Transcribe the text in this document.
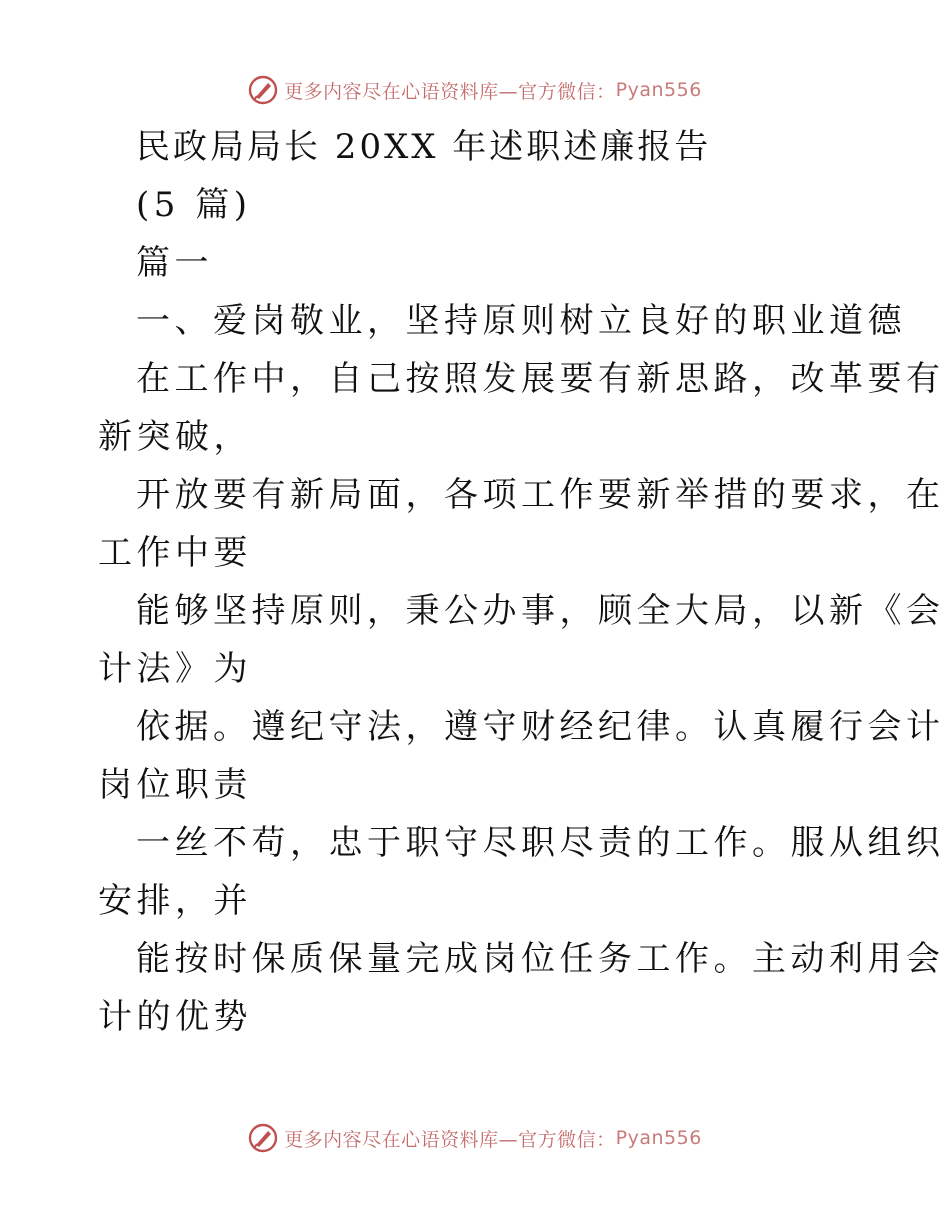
更多内容尽在心语资料库—官方微信： Pyan556
民政局局长 20XX 年述职述廉报告
(5 篇)
篇一
一、爱岗敬业，坚持原则树立良好的职业道德
在工作中，自己按照发展要有新思路，改革要有
新突破，
开放要有新局面，各项工作要新举措的要求，在
工作中要
能够坚持原则，秉公办事，顾全大局，以新《会
计法》为
依据。遵纪守法，遵守财经纪律。认真履行会计
岗位职责
一丝不苟，忠于职守尽职尽责的工作。服从组织
安排，并
能按时保质保量完成岗位任务工作。主动利用会
计的优势
更多内容尽在心语资料库—官方微信： Pyan556
